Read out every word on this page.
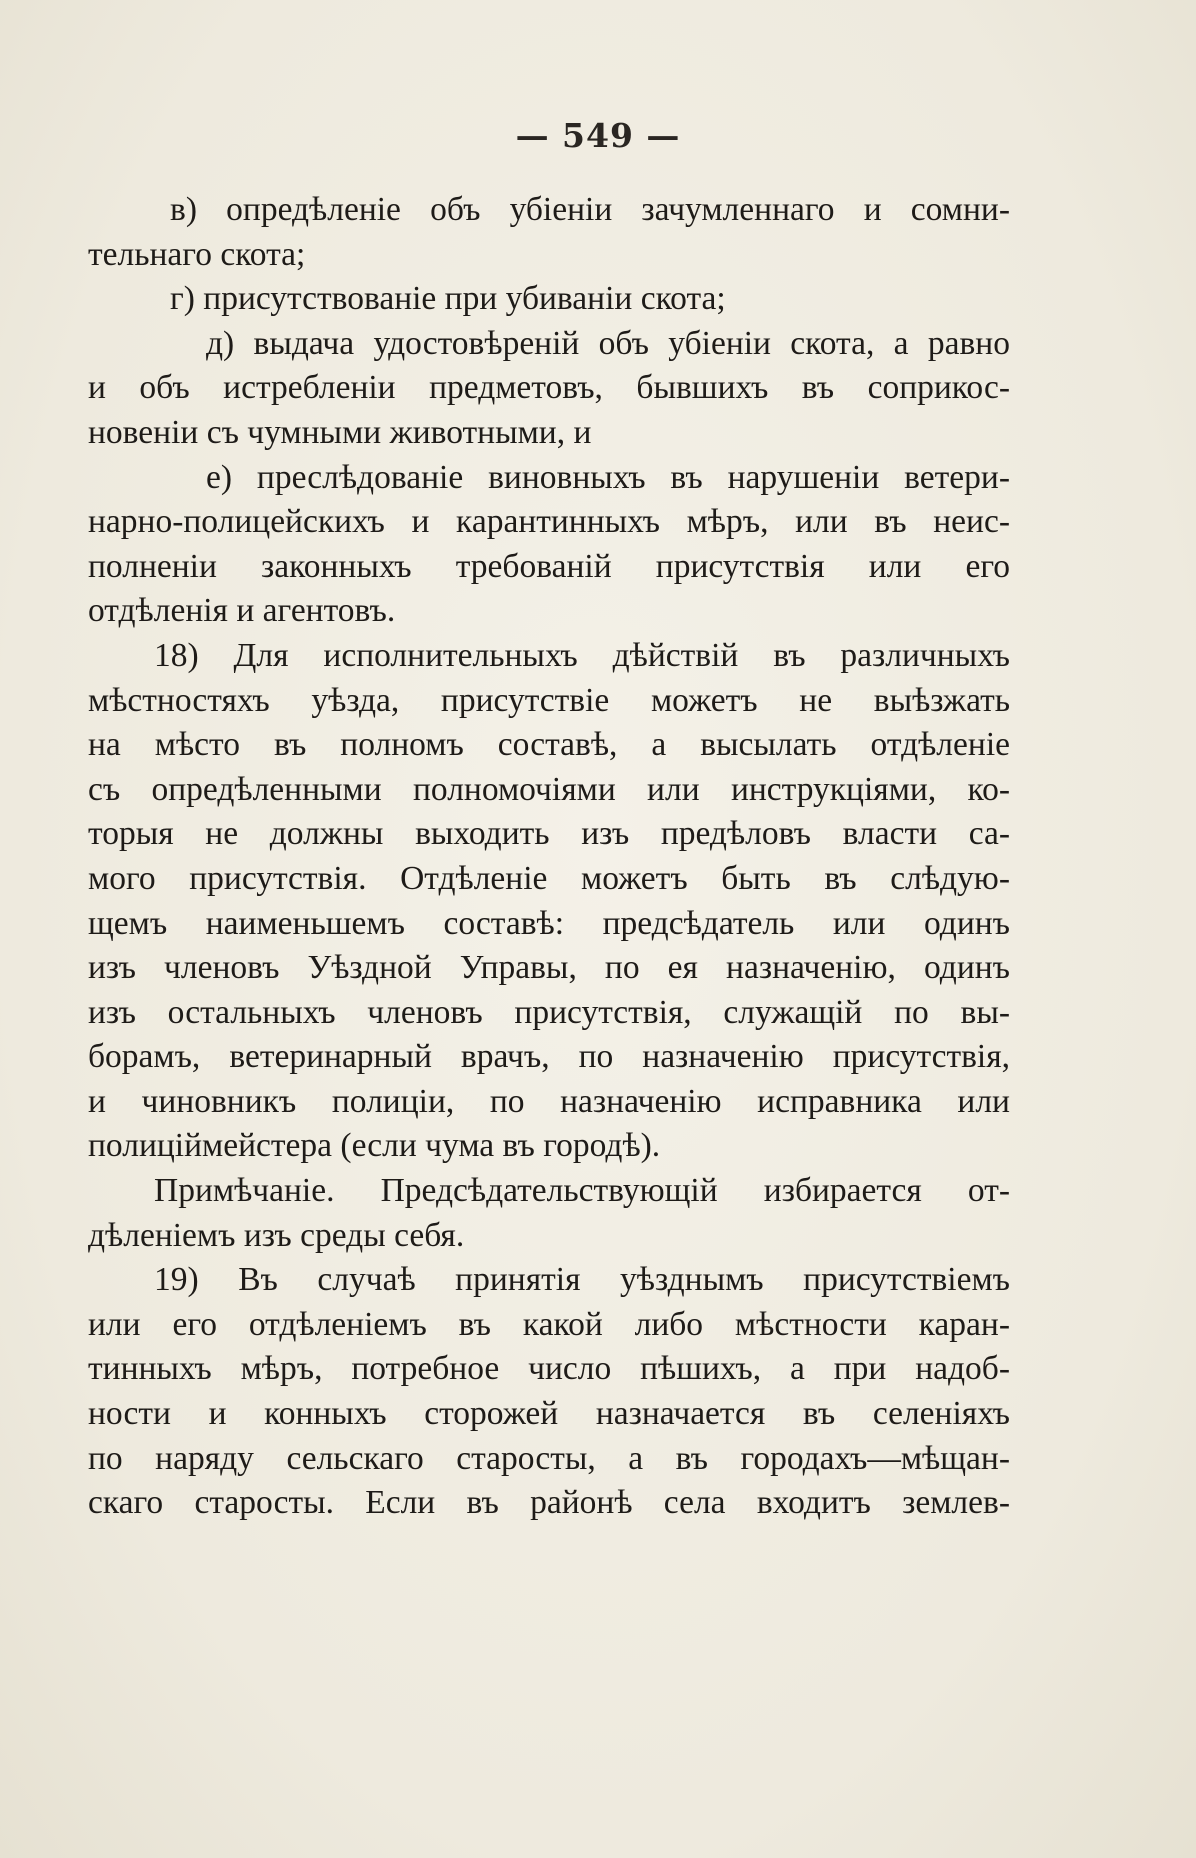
— 549 —
в) опредѣленіе объ убіеніи зачумленнаго и сомни-
тельнаго скота;
г) присутствованіе при убиваніи скота;
д) выдача удостовѣреній объ убіеніи скота, а равно
и объ истребленіи предметовъ, бывшихъ въ соприкос-
новеніи съ чумными животными, и
е) преслѣдованіе виновныхъ въ нарушеніи ветери-
нарно-полицейскихъ и карантинныхъ мѣръ, или въ неис-
полненіи законныхъ требованій присутствія или его
отдѣленія и агентовъ.
18) Для исполнительныхъ дѣйствій въ различныхъ
мѣстностяхъ уѣзда, присутствіе можетъ не выѣзжать
на мѣсто въ полномъ составѣ, а высылать отдѣленіе
съ опредѣленными полномочіями или инструкціями, ко-
торыя не должны выходить изъ предѣловъ власти са-
мого присутствія. Отдѣленіе можетъ быть въ слѣдую-
щемъ наименьшемъ составѣ: предсѣдатель или одинъ
изъ членовъ Уѣздной Управы, по ея назначенію, одинъ
изъ остальныхъ членовъ присутствія, служащій по вы-
борамъ, ветеринарный врачъ, по назначенію присутствія,
и чиновникъ полиціи, по назначенію исправника или
полиціймейстера (если чума въ городѣ).
Примѣчаніе. Предсѣдательствующій избирается от-
дѣленіемъ изъ среды себя.
19) Въ случаѣ принятія уѣзднымъ присутствіемъ
или его отдѣленіемъ въ какой либо мѣстности каран-
тинныхъ мѣръ, потребное число пѣшихъ, а при надоб-
ности и конныхъ сторожей назначается въ селеніяхъ
по наряду сельскаго старосты, а въ городахъ—мѣщан-
скаго старосты. Если въ районѣ села входитъ землев-
